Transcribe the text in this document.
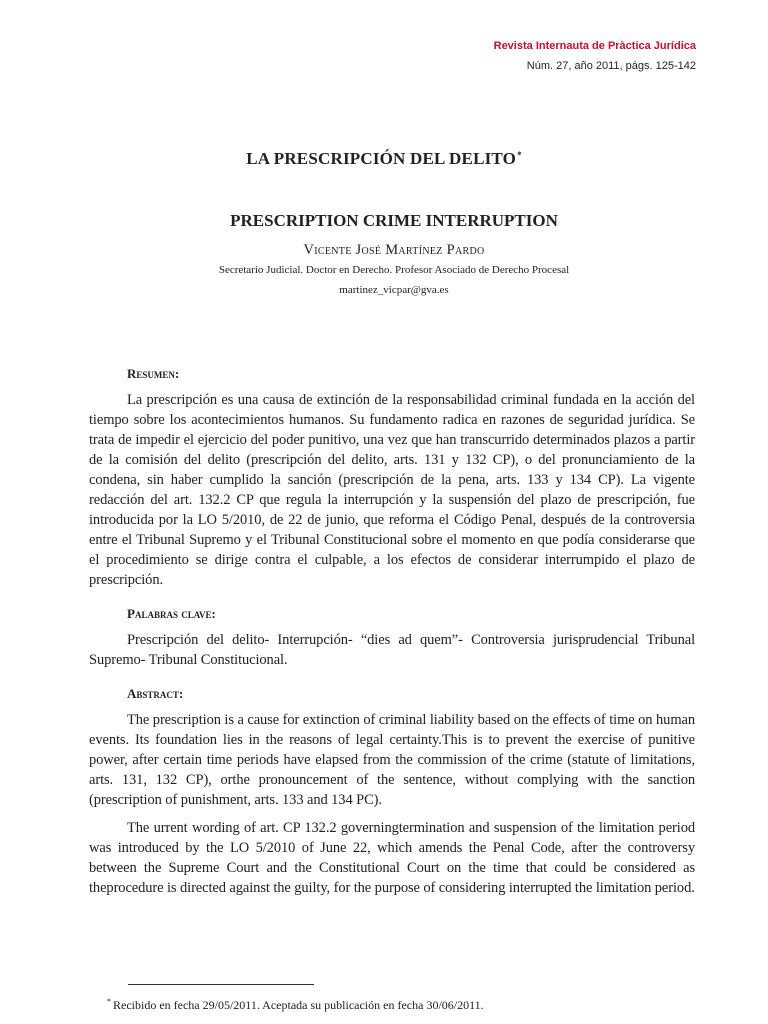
Revista Internauta de Pràctica Jurídica
Núm. 27, año 2011, págs. 125-142
LA PRESCRIPCIÓN DEL DELITO*
PRESCRIPTION CRIME INTERRUPTION
Vicente José Martínez Pardo
Secretario Judicial. Doctor en Derecho. Profesor Asociado de Derecho Procesal
martinez_vicpar@gva.es
Resumen:

La prescripción es una causa de extinción de la responsabilidad criminal fundada en la acción del tiempo sobre los acontecimientos humanos. Su fundamento radica en razones de seguridad jurídica. Se trata de impedir el ejercicio del poder punitivo, una vez que han transcurrido determinados plazos a partir de la comisión del delito (prescripción del delito, arts. 131 y 132 CP), o del pronunciamiento de la condena, sin haber cumplido la sanción (prescripción de la pena, arts. 133 y 134 CP). La vigente redacción del art. 132.2 CP que regula la interrupción y la suspensión del plazo de prescripción, fue introducida por la LO 5/2010, de 22 de junio, que reforma el Código Penal, después de la controversia entre el Tribunal Supremo y el Tribunal Constitucional sobre el momento en que podía considerarse que el procedimiento se dirige contra el culpable, a los efectos de considerar interrumpido el plazo de prescripción.

Palabras clave:

Prescripción del delito- Interrupción- “dies ad quem”- Controversia jurisprudencial Tribunal Supremo- Tribunal Constitucional.

Abstract:

The prescription is a cause for extinction of criminal liability based on the effects of time on human events. Its foundation lies in the reasons of legal certainty.This is to prevent the exercise of punitive power, after certain time periods have elapsed from the commission of the crime (statute of limitations, arts. 131, 132 CP), orthe pronouncement of the sentence, without complying with the sanction (prescription of punishment, arts. 133 and 134 PC).

The urrent wording of art. CP 132.2 governingtermination and suspension of the limitation period was introduced by the LO 5/2010 of June 22, which amends the Penal Code, after the controversy between the Supreme Court and the Constitutional Court on the time that could be considered as theprocedure is directed against the guilty, for the purpose of considering interrupted the limitation period.

* Recibido en fecha 29/05/2011. Aceptada su publicación en fecha 30/06/2011.
